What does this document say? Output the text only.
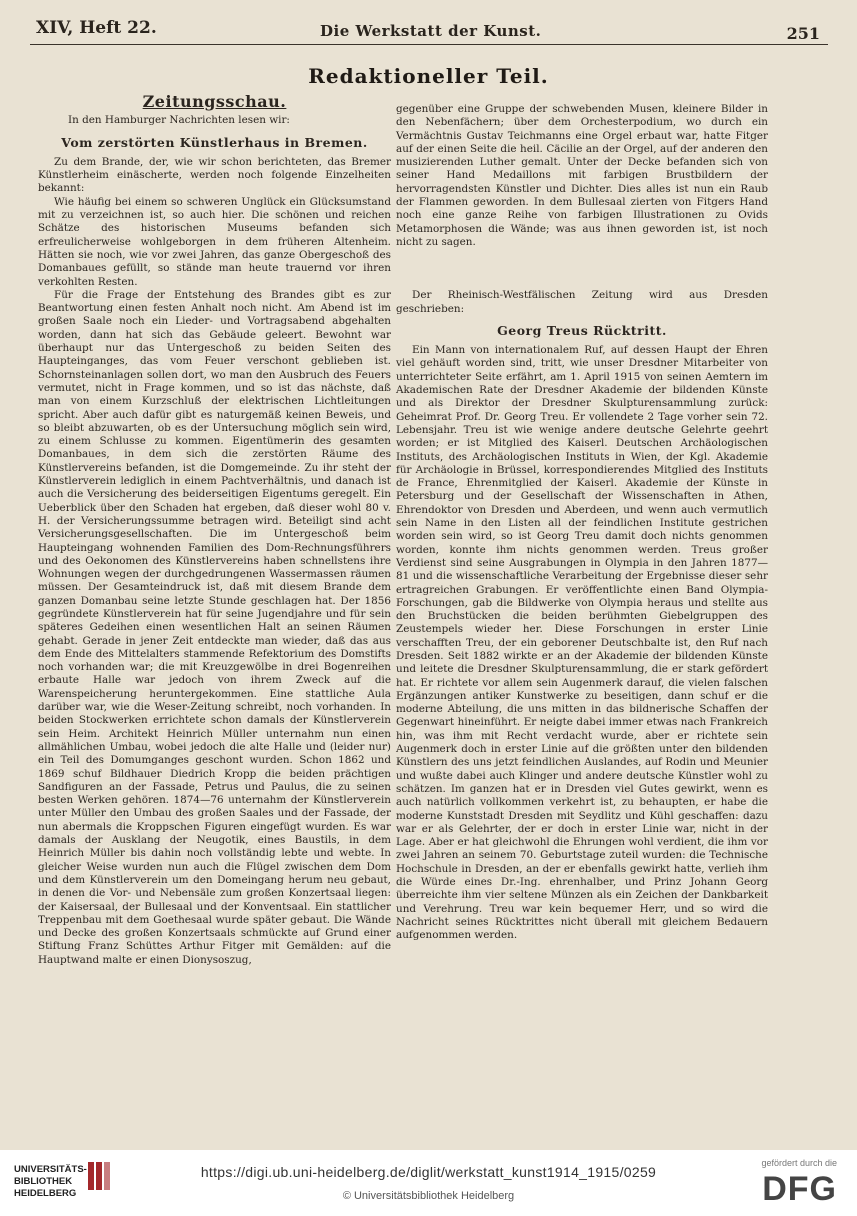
XIV, Heft 22.	Die Werkstatt der Kunst.	251
Redaktioneller Teil.
Zeitungsschau.
In den Hamburger Nachrichten lesen wir:
Vom zerstörten Künstlerhaus in Bremen.

Zu dem Brande, der, wie wir schon berichteten, das Bremer Künstlerheim einäscherte, werden noch folgende Einzelheiten bekannt:

Wie häufig bei einem so schweren Unglück ein Glücksumstand mit zu verzeichnen ist, so auch hier. Die schönen und reichen Schätze des historischen Museums befanden sich erfreulicherweise wohlgeborgen in dem früheren Altenheim. Hätten sie noch, wie vor zwei Jahren, das ganze Obergeschoß des Domanbaues gefüllt, so stände man heute trauernd vor ihren verkohlten Resten.

Für die Frage der Entstehung des Brandes gibt es zur Beantwortung einen festen Anhalt noch nicht. Am Abend ist im großen Saale noch ein Lieder- und Vortragsabend abgehalten worden, dann hat sich das Gebäude geleert. Bewohnt war überhaupt nur das Untergeschoß zu beiden Seiten des Haupteinganges, das vom Feuer verschont geblieben ist. Schornsteinanlagen sollen dort, wo man den Ausbruch des Feuers vermutet, nicht in Frage kommen, und so ist das nächste, daß man von einem Kurzschluß der elektrischen Lichtleitungen spricht. Aber auch dafür gibt es naturgemäß keinen Beweis, und so bleibt abzuwarten, ob es der Untersuchung möglich sein wird, zu einem Schlusse zu kommen. Eigentümerin des gesamten Domanbaues, in dem sich die zerstörten Räume des Künstlervereins befanden, ist die Domgemeinde. Zu ihr steht der Künstlerverein lediglich in einem Pachtverhältnis, und danach ist auch die Versicherung des beiderseitigen Eigentums geregelt. Ein Ueberblick über den Schaden hat ergeben, daß dieser wohl 80 v. H. der Versicherungssumme betragen wird. Beteiligt sind acht Versicherungsgesellschaften. Die im Untergeschoß beim Haupteingang wohnenden Familien des Dom-Rechnungsführers und des Oekonomen des Künstlervereins haben schnellstens ihre Wohnungen wegen der durchgedrungenen Wassermassen räumen müssen. Der Gesamteindruck ist, daß mit diesem Brande dem ganzen Domanbau seine letzte Stunde geschlagen hat. Der 1856 gegründete Künstlerverein hat für seine Jugendjahre und für sein späteres Gedeihen einen wesentlichen Halt an seinen Räumen gehabt. Gerade in jener Zeit entdeckte man wieder, daß das aus dem Ende des Mittelalters stammende Refektorium des Domstifts noch vorhanden war; die mit Kreuzgewölbe in drei Bogenreihen erbaute Halle war jedoch von ihrem Zweck auf die Warenspeicherung heruntergekommen. Eine stattliche Aula darüber war, wie die Weser-Zeitung schreibt, noch vorhanden. In beiden Stockwerken errichtete schon damals der Künstlerverein sein Heim. Architekt Heinrich Müller unternahm nun einen allmählichen Umbau, wobei jedoch die alte Halle und (leider nur) ein Teil des Domumganges geschont wurden. Schon 1862 und 1869 schuf Bildhauer Diedrich Kropp die beiden prächtigen Sandfiguren an der Fassade, Petrus und Paulus, die zu seinen besten Werken gehören. 1874—76 unternahm der Künstlerverein unter Müller den Umbau des großen Saales und der Fassade, der nun abermals die Kroppschen Figuren eingefügt wurden. Es war damals der Ausklang der Neugotik, eines Baustils, in dem Heinrich Müller bis dahin noch vollständig lebte und webte. In gleicher Weise wurden nun auch die Flügel zwischen dem Dom und dem Künstlerverein um den Domeingang herum neu gebaut, in denen die Vor- und Nebensäle zum großen Konzertsaal liegen: der Kaisersaal, der Bullesaal und der Konventsaal. Ein stattlicher Treppenbau mit dem Goethesaal wurde später gebaut. Die Wände und Decke des großen Konzertsaals schmückte auf Grund einer Stiftung Franz Schüttes Arthur Fitger mit Gemälden: auf die Hauptwand malte er einen Dionysoszug,

gegenüber eine Gruppe der schwebenden Musen, kleinere Bilder in den Nebenfächern; über dem Orchesterpodium, wo durch ein Vermächtnis Gustav Teichmanns eine Orgel erbaut war, hatte Fitger auf der einen Seite die heil. Cäcilie an der Orgel, auf der anderen den musizierenden Luther gemalt. Unter der Decke befanden sich von seiner Hand Medaillons mit farbigen Brustbildern der hervorragendsten Künstler und Dichter. Dies alles ist nun ein Raub der Flammen geworden. In dem Bullesaal zierten von Fitgers Hand noch eine ganze Reihe von farbigen Illustrationen zu Ovids Metamorphosen die Wände; was aus ihnen geworden ist, ist noch nicht zu sagen.

Der Rheinisch-Westfälischen Zeitung wird aus Dresden geschrieben:

Georg Treus Rücktritt.

Ein Mann von internationalem Ruf, auf dessen Haupt der Ehren viel gehäuft worden sind, tritt, wie unser Dresdner Mitarbeiter von unterrichteter Seite erfährt, am 1. April 1915 von seinen Aemtern im Akademischen Rate der Dresdner Akademie der bildenden Künste und als Direktor der Dresdner Skulpturensammlung zurück: Geheimrat Prof. Dr. Georg Treu. Er vollendete 2 Tage vorher sein 72. Lebensjahr. Treu ist wie wenige andere deutsche Gelehrte geehrt worden; er ist Mitglied des Kaiserl. Deutschen Archäologischen Instituts, des Archäologischen Instituts in Wien, der Kgl. Akademie für Archäologie in Brüssel, korrespondierendes Mitglied des Instituts de France, Ehrenmitglied der Kaiserl. Akademie der Künste in Petersburg und der Gesellschaft der Wissenschaften in Athen, Ehrendoktor von Dresden und Aberdeen, und wenn auch vermutlich sein Name in den Listen all der feindlichen Institute gestrichen worden sein wird, so ist Georg Treu damit doch nichts genommen worden, konnte ihm nichts genommen werden. Treus großer Verdienst sind seine Ausgrabungen in Olympia in den Jahren 1877—81 und die wissenschaftliche Verarbeitung der Ergebnisse dieser sehr ertragreichen Grabungen. Er veröffentlichte einen Band Olympia-Forschungen, gab die Bildwerke von Olympia heraus und stellte aus den Bruchstücken die beiden berühmten Giebelgruppen des Zeustempels wieder her. Diese Forschungen in erster Linie verschafften Treu, der ein geborener Deutschbalte ist, den Ruf nach Dresden. Seit 1882 wirkte er an der Akademie der bildenden Künste und leitete die Dresdner Skulpturensammlung, die er stark gefördert hat. Er richtete vor allem sein Augenmerk darauf, die vielen falschen Ergänzungen antiker Kunstwerke zu beseitigen, dann schuf er die moderne Abteilung, die uns mitten in das bildnerische Schaffen der Gegenwart hineinführt. Er neigte dabei immer etwas nach Frankreich hin, was ihm mit Recht verdacht wurde, aber er richtete sein Augenmerk doch in erster Linie auf die größten unter den bildenden Künstlern des uns jetzt feindlichen Auslandes, auf Rodin und Meunier und wußte dabei auch Klinger und andere deutsche Künstler wohl zu schätzen. Im ganzen hat er in Dresden viel Gutes gewirkt, wenn es auch natürlich vollkommen verkehrt ist, zu behaupten, er habe die moderne Kunststadt Dresden mit Seydlitz und Kühl geschaffen: dazu war er als Gelehrter, der er doch in erster Linie war, nicht in der Lage. Aber er hat gleichwohl die Ehrungen wohl verdient, die ihm vor zwei Jahren an seinem 70. Geburtstage zuteil wurden: die Technische Hochschule in Dresden, an der er ebenfalls gewirkt hatte, verlieh ihm die Würde eines Dr.-Ing. ehrenhalber, und Prinz Johann Georg überreichte ihm vier seltene Münzen als ein Zeichen der Dankbarkeit und Verehrung. Treu war kein bequemer Herr, und so wird die Nachricht seines Rücktrittes nicht überall mit gleichem Bedauern aufgenommen werden.

UNIVERSITÄTS-
BIBLIOTHEK
HEIDELBERG
https://digi.ub.uni-heidelberg.de/diglit/werkstatt_kunst1914_1915/0259
© Universitätsbibliothek Heidelberg
gefördert durch die
DFG
